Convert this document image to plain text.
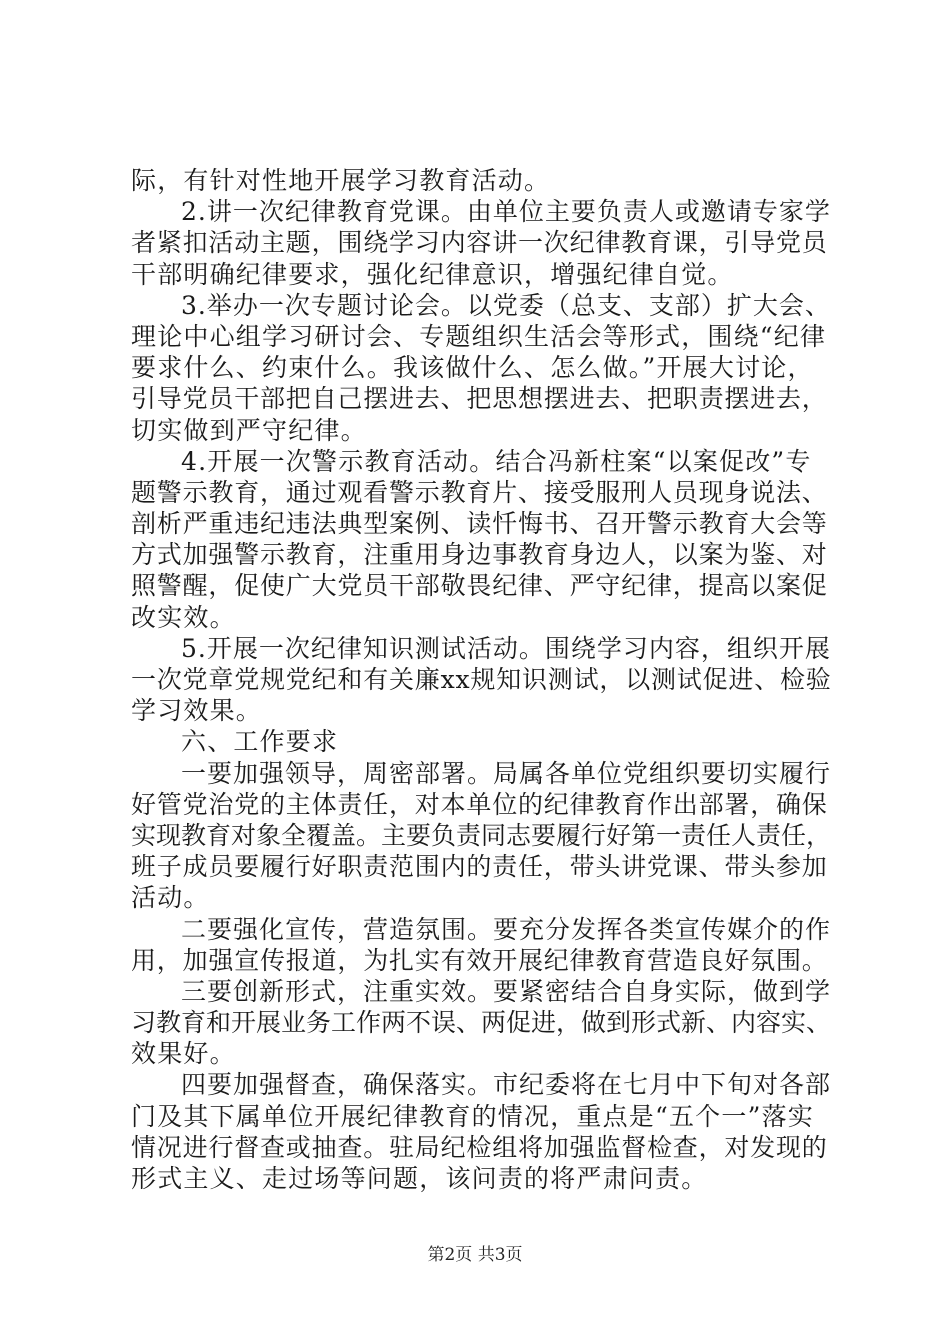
际，有针对性地开展学习教育活动。
2.讲一次纪律教育党课。由单位主要负责人或邀请专家学
者紧扣活动主题，围绕学习内容讲一次纪律教育课，引导党员
干部明确纪律要求，强化纪律意识，增强纪律自觉。
3.举办一次专题讨论会。以党委（总支、支部）扩大会、
理论中心组学习研讨会、专题组织生活会等形式，围绕“纪律
要求什么、约束什么。我该做什么、怎么做。”开展大讨论，
引导党员干部把自己摆进去、把思想摆进去、把职责摆进去，
切实做到严守纪律。
4.开展一次警示教育活动。结合冯新柱案“以案促改”专
题警示教育，通过观看警示教育片、接受服刑人员现身说法、
剖析严重违纪违法典型案例、读忏悔书、召开警示教育大会等
方式加强警示教育，注重用身边事教育身边人，以案为鉴、对
照警醒，促使广大党员干部敬畏纪律、严守纪律，提高以案促
改实效。
5.开展一次纪律知识测试活动。围绕学习内容，组织开展
一次党章党规党纪和有关廉xx规知识测试，以测试促进、检验
学习效果。
六、工作要求
一要加强领导，周密部署。局属各单位党组织要切实履行
好管党治党的主体责任，对本单位的纪律教育作出部署，确保
实现教育对象全覆盖。主要负责同志要履行好第一责任人责任，
班子成员要履行好职责范围内的责任，带头讲党课、带头参加
活动。
二要强化宣传，营造氛围。要充分发挥各类宣传媒介的作
用，加强宣传报道，为扎实有效开展纪律教育营造良好氛围。
三要创新形式，注重实效。要紧密结合自身实际，做到学
习教育和开展业务工作两不误、两促进，做到形式新、内容实、
效果好。
四要加强督查，确保落实。市纪委将在七月中下旬对各部
门及其下属单位开展纪律教育的情况，重点是“五个一”落实
情况进行督查或抽查。驻局纪检组将加强监督检查，对发现的
形式主义、走过场等问题，该问责的将严肃问责。
第2页 共3页
